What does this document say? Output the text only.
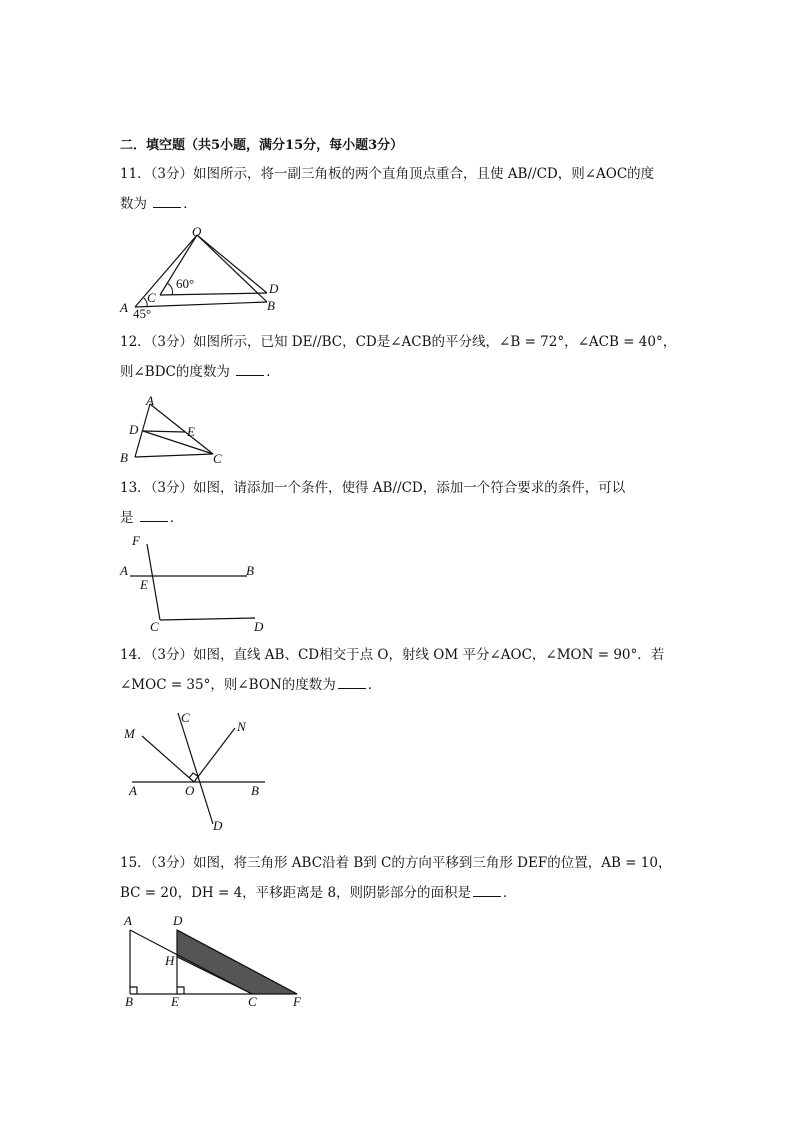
二．填空题（共5小题，满分15分，每小题3分）
11．（3分）如图所示，将一副三角板的两个直角顶点重合，且使 AB//CD，则∠AOC的度
数为	．
O
A
C
D
B
60°
45°
12．（3分）如图所示，已知 DE//BC，CD是∠ACB的平分线，∠B = 72°，∠ACB = 40°，
则∠BDC的度数为	．
A
D	E
B	C
13．（3分）如图，请添加一个条件，使得 AB//CD，添加一个符合要求的条件，可以
是	．
F
A	B
E
C	D
14．（3分）如图，直线 AB、CD相交于点 O，射线 OM 平分∠AOC，∠MON = 90°．若
∠MOC = 35°，则∠BON的度数为 ．
M
C
N
A	O	B
D
15．（3分）如图，将三角形 ABC沿着 B到 C的方向平移到三角形 DEF的位置，AB = 10，
BC = 20，DH = 4，平移距离是 8，则阴影部分的面积是 ．
A	D
H
B	E	C	F
